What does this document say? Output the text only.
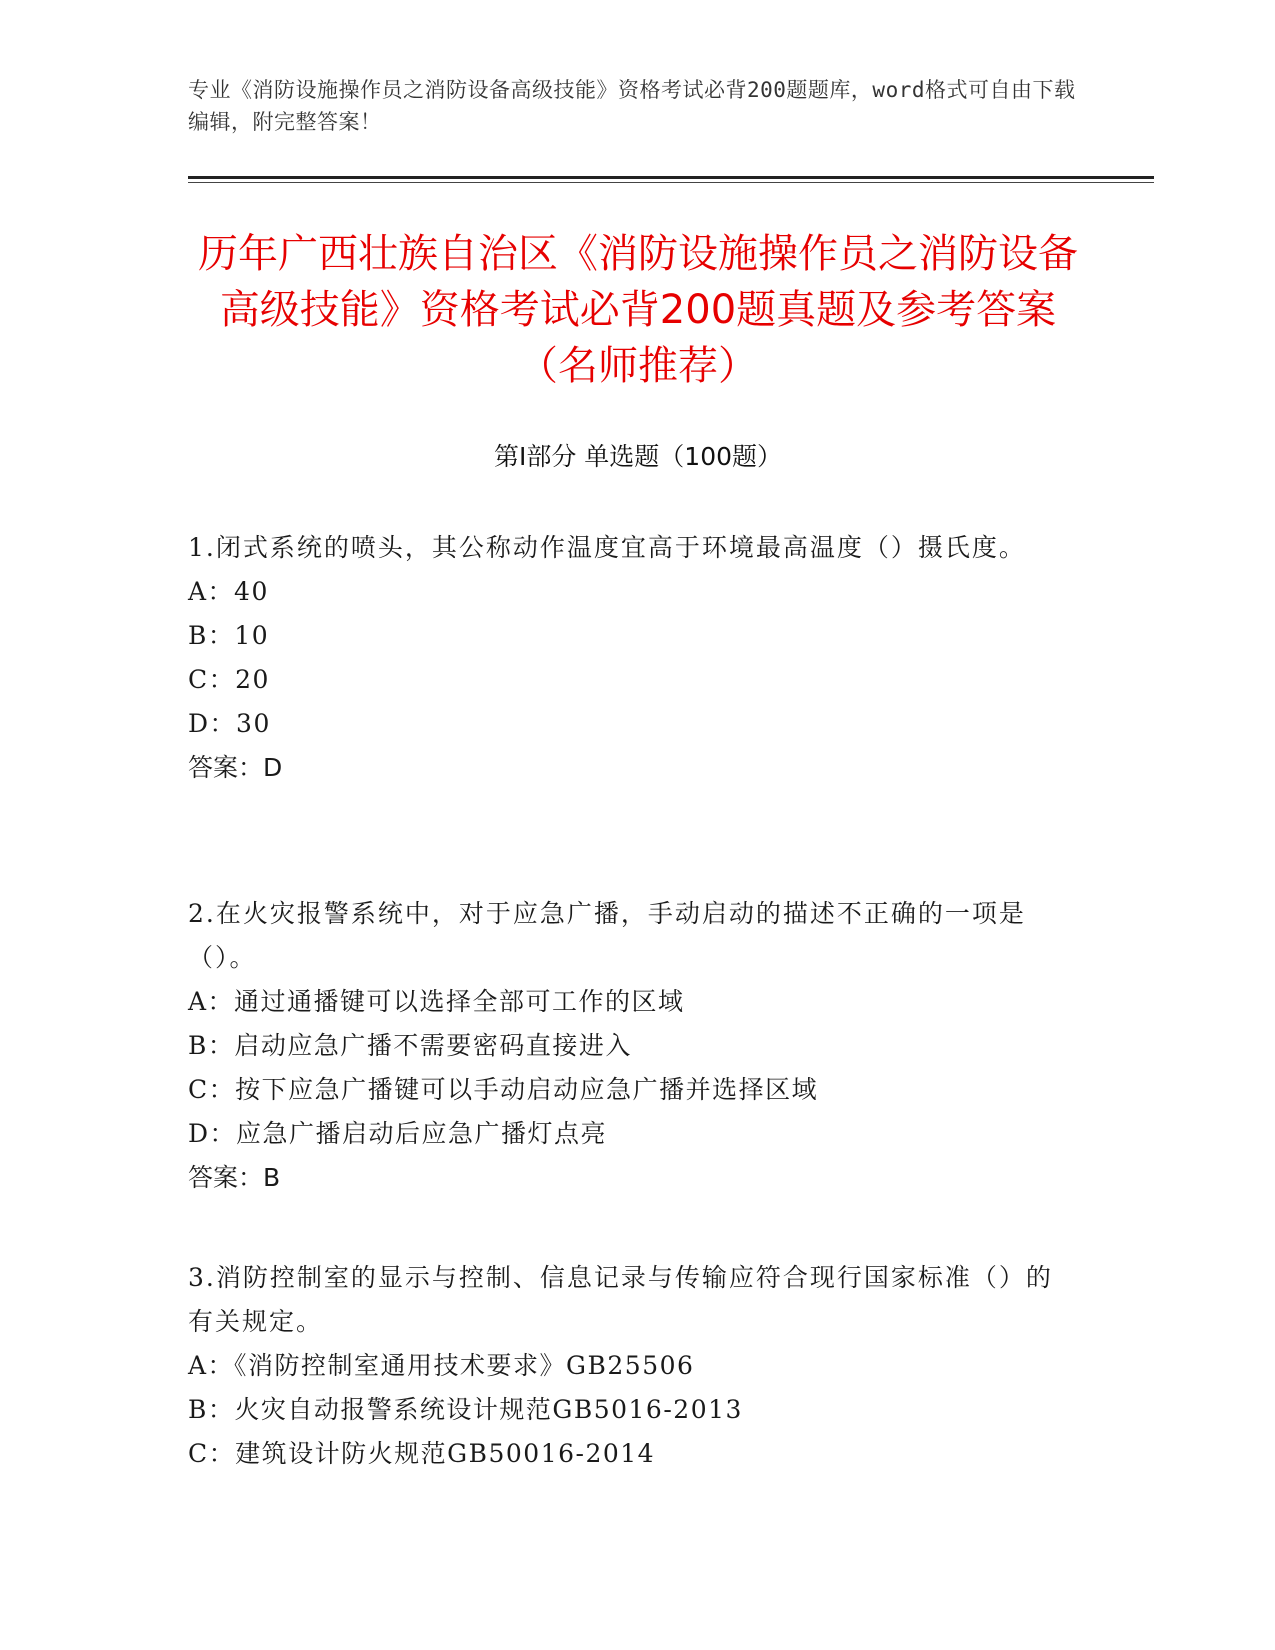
专业《消防设施操作员之消防设备高级技能》资格考试必背200题题库，word格式可自由下载编辑，附完整答案！
历年广西壮族自治区《消防设施操作员之消防设备高级技能》资格考试必背200题真题及参考答案（名师推荐）
第Ⅰ部分 单选题（100题）
1.闭式系统的喷头，其公称动作温度宜高于环境最高温度（）摄氏度。
A：40
B：10
C：20
D：30
答案：D
2.在火灾报警系统中，对于应急广播，手动启动的描述不正确的一项是（）。
A：通过通播键可以选择全部可工作的区域
B：启动应急广播不需要密码直接进入
C：按下应急广播键可以手动启动应急广播并选择区域
D：应急广播启动后应急广播灯点亮
答案：B
3.消防控制室的显示与控制、信息记录与传输应符合现行国家标准（）的有关规定。
A：《消防控制室通用技术要求》GB25506
B：火灾自动报警系统设计规范GB5016-2013
C：建筑设计防火规范GB50016-2014
